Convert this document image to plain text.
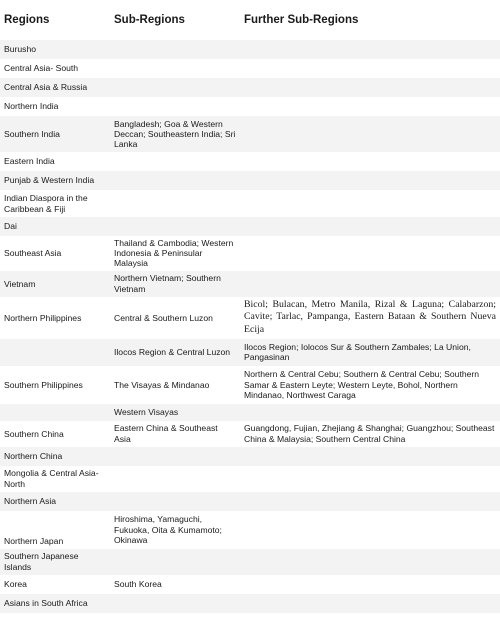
Regions	Sub-Regions	Further Sub-Regions
Burusho		
Central Asia- South		
Central Asia & Russia		
Northern India		
Southern India	Bangladesh; Goa & Western Deccan; Southeastern India; Sri Lanka	
Eastern India		
Punjab & Western India		
Indian Diaspora in the Caribbean & Fiji		
Dai		
Southeast Asia	Thailand & Cambodia; Western Indonesia & Peninsular Malaysia	
Vietnam	Northern Vietnam; Southern Vietnam	
Northern Philippines	Central & Southern Luzon	Bicol; Bulacan, Metro Manila, Rizal & Laguna; Calabarzon; Cavite; Tarlac, Pampanga, Eastern Bataan & Southern Nueva Ecija
	Ilocos Region & Central Luzon	Ilocos Region; Iolocos Sur & Southern Zambales; La Union, Pangasinan
Southern Philippines	The Visayas & Mindanao	Northern & Central Cebu; Southern & Central Cebu; Southern Samar & Eastern Leyte; Western Leyte, Bohol, Northern Mindanao, Northwest Caraga
	Western Visayas	
Southern China	Eastern China & Southeast Asia	Guangdong, Fujian, Zhejiang & Shanghai; Guangzhou; Southeast China & Malaysia; Southern Central China
Northern China		
Mongolia & Central Asia-North		
Northern Asia		
Northern Japan	Hiroshima, Yamaguchi, Fukuoka, Oita & Kumamoto; Okinawa	
Southern Japanese Islands		
Korea	South Korea	
Asians in South Africa		
